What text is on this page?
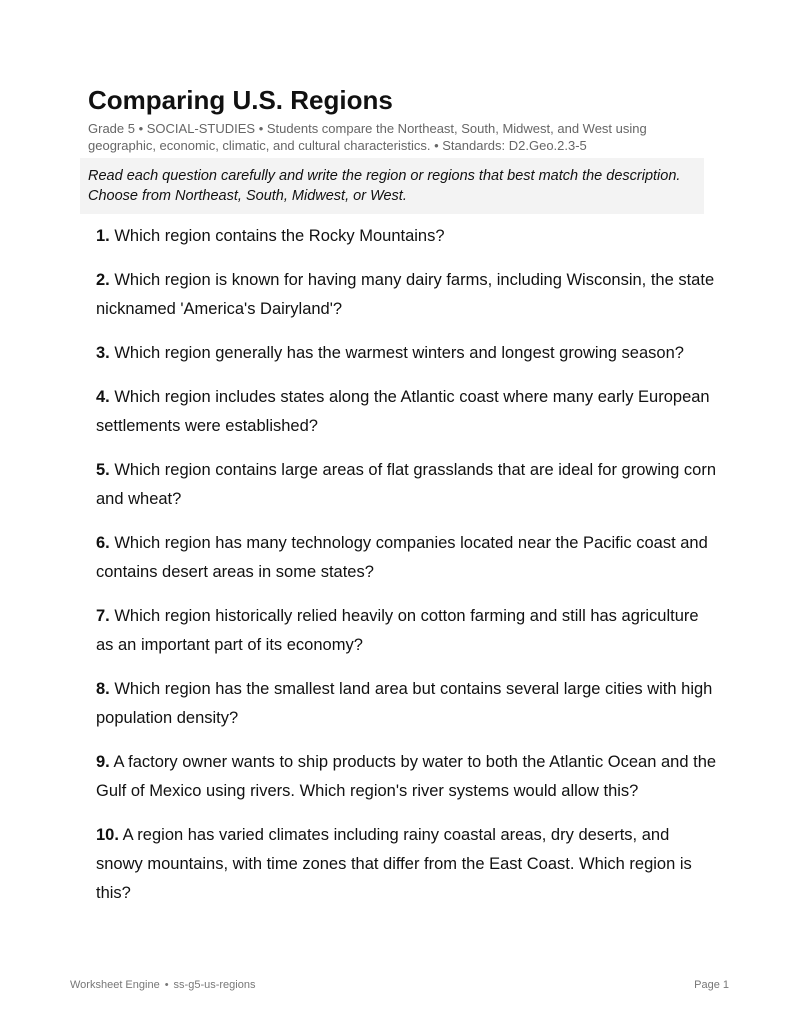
Comparing U.S. Regions
Grade 5 • SOCIAL-STUDIES • Students compare the Northeast, South, Midwest, and West using geographic, economic, climatic, and cultural characteristics. • Standards: D2.Geo.2.3-5
Read each question carefully and write the region or regions that best match the description. Choose from Northeast, South, Midwest, or West.
1. Which region contains the Rocky Mountains?
2. Which region is known for having many dairy farms, including Wisconsin, the state nicknamed 'America's Dairyland'?
3. Which region generally has the warmest winters and longest growing season?
4. Which region includes states along the Atlantic coast where many early European settlements were established?
5. Which region contains large areas of flat grasslands that are ideal for growing corn and wheat?
6. Which region has many technology companies located near the Pacific coast and contains desert areas in some states?
7. Which region historically relied heavily on cotton farming and still has agriculture as an important part of its economy?
8. Which region has the smallest land area but contains several large cities with high population density?
9. A factory owner wants to ship products by water to both the Atlantic Ocean and the Gulf of Mexico using rivers. Which region's river systems would allow this?
10. A region has varied climates including rainy coastal areas, dry deserts, and snowy mountains, with time zones that differ from the East Coast. Which region is this?
Worksheet Engine • ss-g5-us-regions	Page 1
